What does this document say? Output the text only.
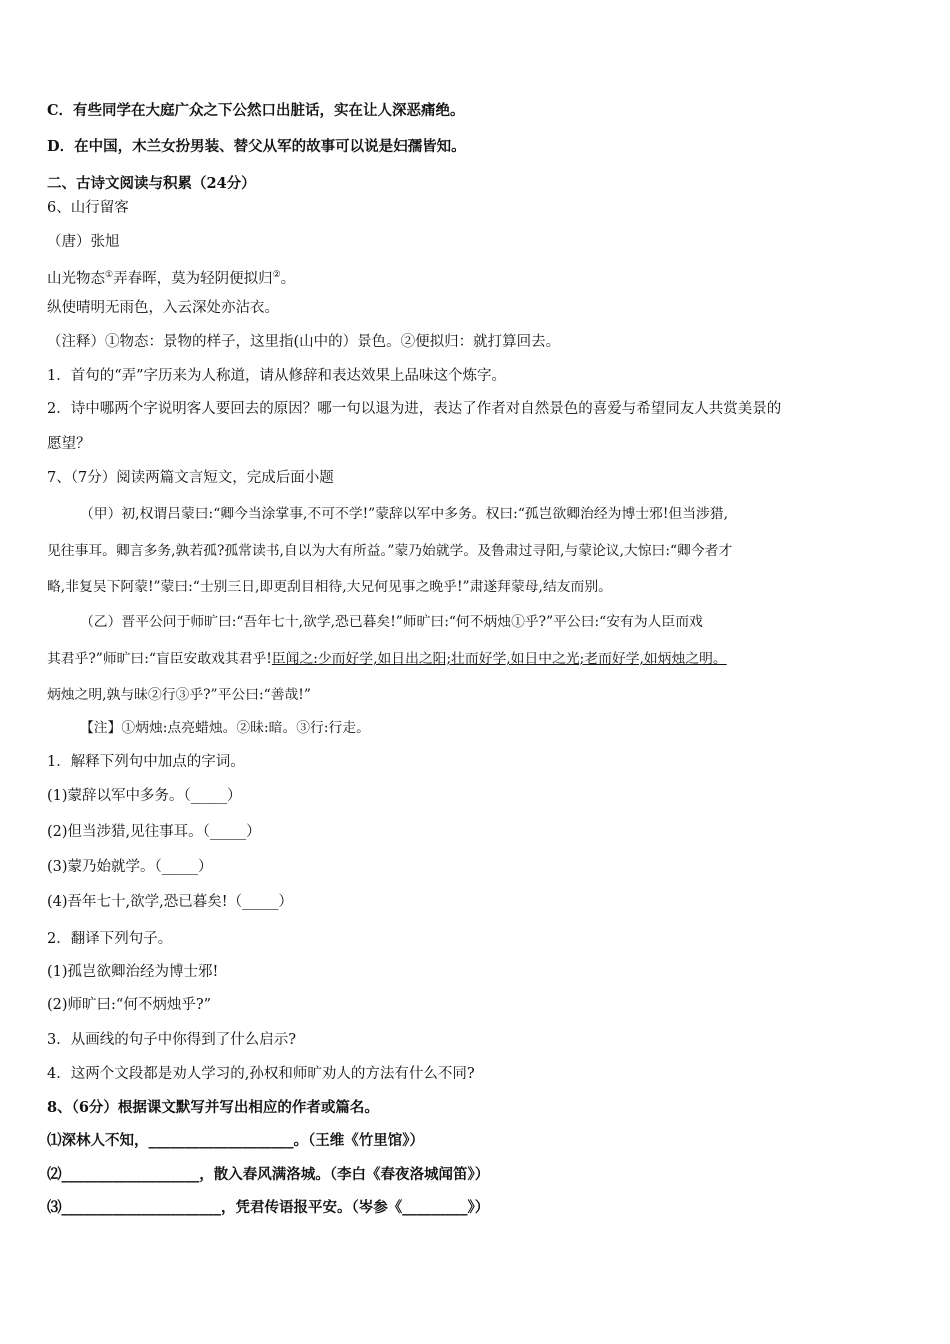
C．有些同学在大庭广众之下公然口出脏话，实在让人深恶痛绝。
D．在中国，木兰女扮男装、替父从军的故事可以说是妇孺皆知。
二、古诗文阅读与积累（24分）
6、山行留客
（唐）张旭
山光物态①弄春晖，莫为轻阴便拟归②。
纵使晴明无雨色，入云深处亦沾衣。
（注释）①物态：景物的样子，这里指(山中的）景色。②便拟归：就打算回去。
1．首句的“弄”字历来为人称道，请从修辞和表达效果上品味这个炼字。
2．诗中哪两个字说明客人要回去的原因？哪一句以退为进，表达了作者对自然景色的喜爱与希望同友人共赏美景的
愿望？
7、（7分）阅读两篇文言短文，完成后面小题
（甲）初,权谓吕蒙曰:“卿今当涂掌事,不可不学!”蒙辞以军中多务。权曰:“孤岂欲卿治经为博士邪!但当涉猎,
见往事耳。卿言多务,孰若孤?孤常读书,自以为大有所益。”蒙乃始就学。及鲁肃过寻阳,与蒙论议,大惊曰:“卿今者才
略,非复吴下阿蒙!”蒙曰:“士别三日,即更刮目相待,大兄何见事之晚乎!”肃遂拜蒙母,结友而别。
（乙）晋平公问于师旷曰:“吾年七十,欲学,恐已暮矣!”师旷曰:“何不炳烛①乎?”平公曰:“安有为人臣而戏
其君乎?”师旷曰:“盲臣安敢戏其君乎!臣闻之:少而好学,如日出之阳;壮而好学,如日中之光;老而好学,如炳烛之明。
炳烛之明,孰与昧②行③乎?”平公曰:“善哉!”
【注】①炳烛:点亮蜡烛。②昧:暗。③行:行走。
1．解释下列句中加点的字词。
(1)蒙辞以军中多务。（_____）
(2)但当涉猎,见往事耳。（_____）
(3)蒙乃始就学。（_____）
(4)吾年七十,欲学,恐已暮矣!（_____）
2．翻译下列句子。
(1)孤岂欲卿治经为博士邪!
(2)师旷曰:“何不炳烛乎?”
3．从画线的句子中你得到了什么启示?
4．这两个文段都是劝人学习的,孙权和师旷劝人的方法有什么不同?
8、（6分）根据课文默写并写出相应的作者或篇名。
⑴深林人不知，____________________。（王维《竹里馆》）
⑵___________________，散入春风满洛城。（李白《春夜洛城闻笛》）
⑶______________________，凭君传语报平安。（岑参《_________》）
